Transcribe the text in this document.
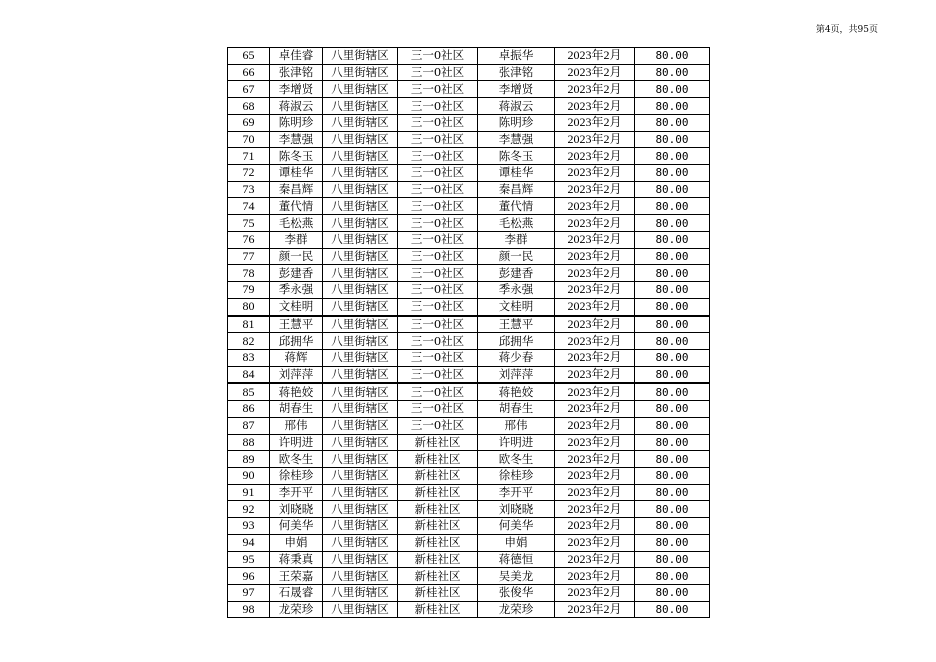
第4页，共95页
65	卓佳睿	八里街辖区	三一0社区	卓振华	2023年2月	80.00
66	张津铭	八里街辖区	三一0社区	张津铭	2023年2月	80.00
67	李增贤	八里街辖区	三一0社区	李增贤	2023年2月	80.00
68	蒋淑云	八里街辖区	三一0社区	蒋淑云	2023年2月	80.00
69	陈明珍	八里街辖区	三一0社区	陈明珍	2023年2月	80.00
70	李慧强	八里街辖区	三一0社区	李慧强	2023年2月	80.00
71	陈冬玉	八里街辖区	三一0社区	陈冬玉	2023年2月	80.00
72	谭桂华	八里街辖区	三一0社区	谭桂华	2023年2月	80.00
73	秦昌辉	八里街辖区	三一0社区	秦昌辉	2023年2月	80.00
74	董代情	八里街辖区	三一0社区	董代情	2023年2月	80.00
75	毛松燕	八里街辖区	三一0社区	毛松燕	2023年2月	80.00
76	李群	八里街辖区	三一0社区	李群	2023年2月	80.00
77	颜一民	八里街辖区	三一0社区	颜一民	2023年2月	80.00
78	彭建香	八里街辖区	三一0社区	彭建香	2023年2月	80.00
79	季永强	八里街辖区	三一0社区	季永强	2023年2月	80.00
80	文桂明	八里街辖区	三一0社区	文桂明	2023年2月	80.00
81	王慧平	八里街辖区	三一0社区	王慧平	2023年2月	80.00
82	邱拥华	八里街辖区	三一0社区	邱拥华	2023年2月	80.00
83	蒋辉	八里街辖区	三一0社区	蒋少春	2023年2月	80.00
84	刘萍萍	八里街辖区	三一0社区	刘萍萍	2023年2月	80.00
85	蒋艳姣	八里街辖区	三一0社区	蒋艳姣	2023年2月	80.00
86	胡春生	八里街辖区	三一0社区	胡春生	2023年2月	80.00
87	邢伟	八里街辖区	三一0社区	邢伟	2023年2月	80.00
88	许明进	八里街辖区	新桂社区	许明进	2023年2月	80.00
89	欧冬生	八里街辖区	新桂社区	欧冬生	2023年2月	80.00
90	徐桂珍	八里街辖区	新桂社区	徐桂珍	2023年2月	80.00
91	李开平	八里街辖区	新桂社区	李开平	2023年2月	80.00
92	刘晓晓	八里街辖区	新桂社区	刘晓晓	2023年2月	80.00
93	何美华	八里街辖区	新桂社区	何美华	2023年2月	80.00
94	申娟	八里街辖区	新桂社区	申娟	2023年2月	80.00
95	蒋秉真	八里街辖区	新桂社区	蒋德恒	2023年2月	80.00
96	王荣嘉	八里街辖区	新桂社区	吴美龙	2023年2月	80.00
97	石晟睿	八里街辖区	新桂社区	张俊华	2023年2月	80.00
98	龙荣珍	八里街辖区	新桂社区	龙荣珍	2023年2月	80.00
